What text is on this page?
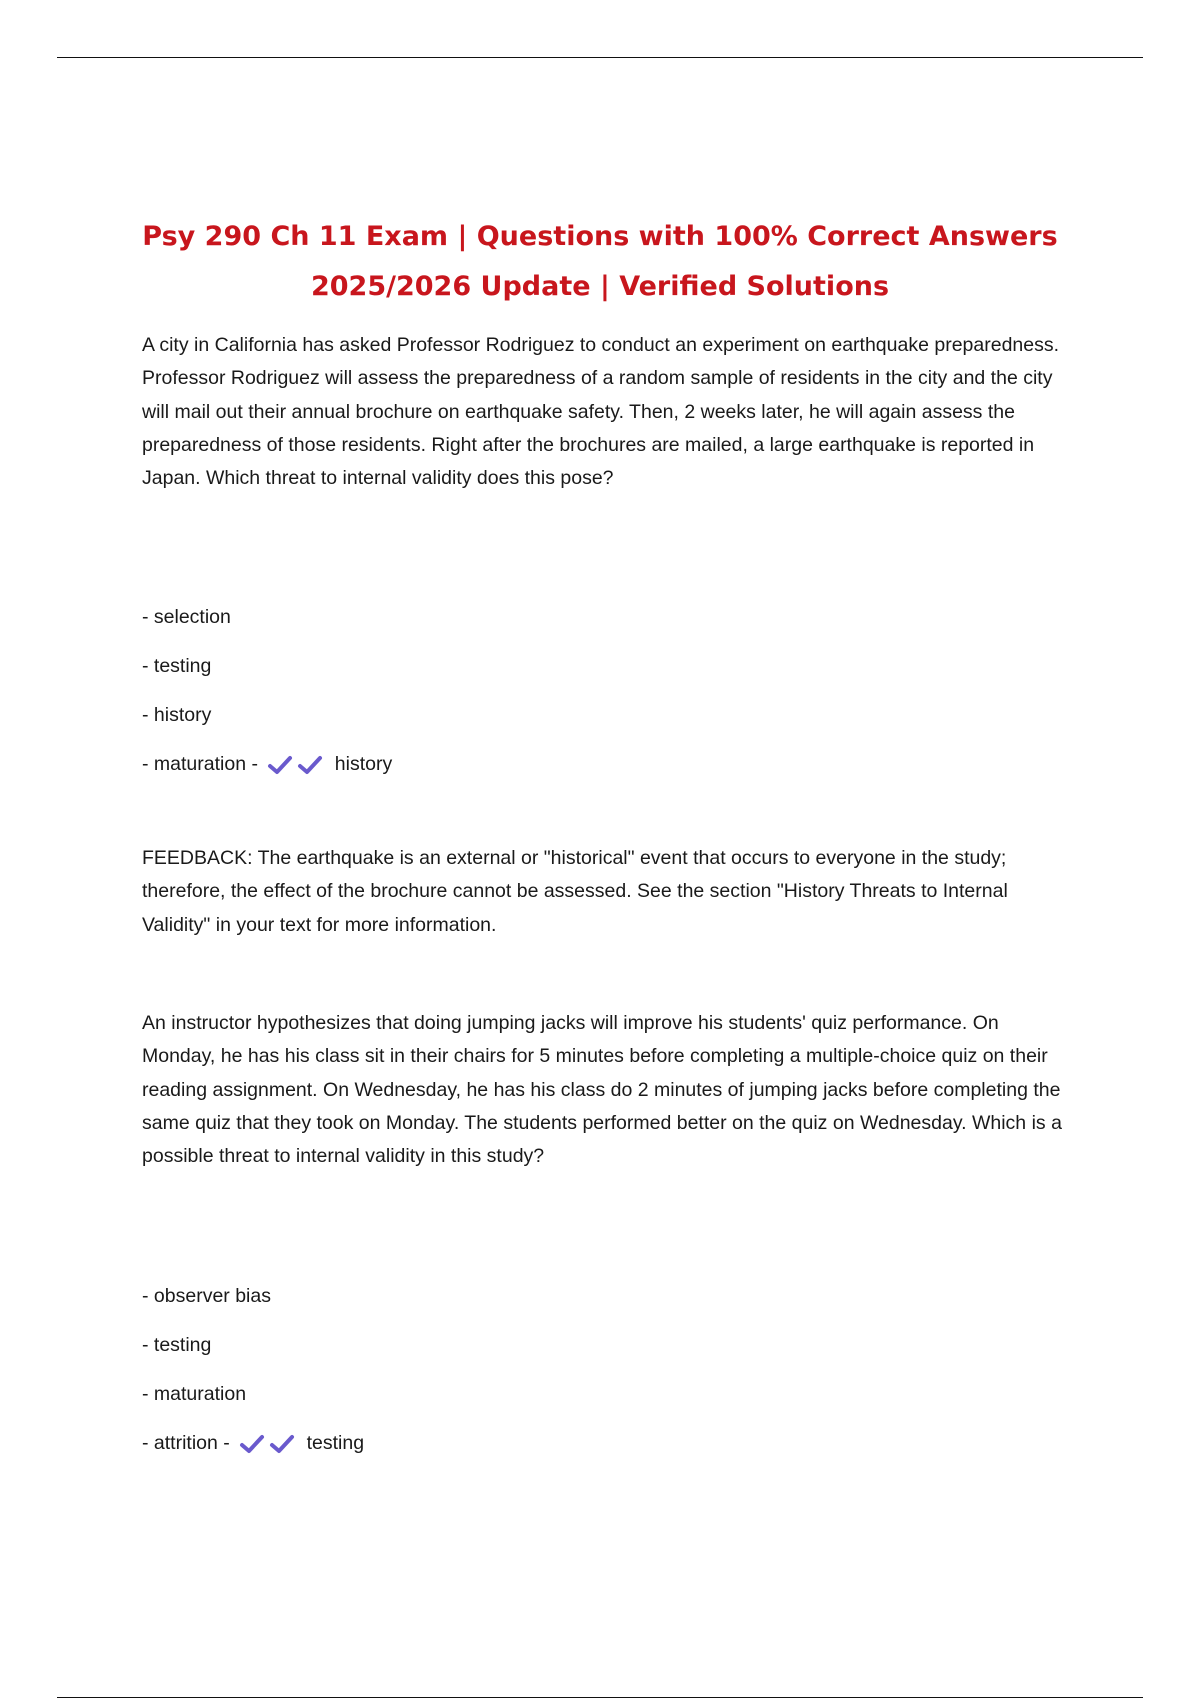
Psy 290 Ch 11 Exam | Questions with 100% Correct Answers
2025/2026 Update | Verified Solutions

A city in California has asked Professor Rodriguez to conduct an experiment on earthquake preparedness. Professor Rodriguez will assess the preparedness of a random sample of residents in the city and the city will mail out their annual brochure on earthquake safety. Then, 2 weeks later, he will again assess the preparedness of those residents. Right after the brochures are mailed, a large earthquake is reported in Japan. Which threat to internal validity does this pose?

- selection
- testing
- history
- maturation -	history

FEEDBACK: The earthquake is an external or "historical" event that occurs to everyone in the study; therefore, the effect of the brochure cannot be assessed. See the section "History Threats to Internal Validity" in your text for more information.

An instructor hypothesizes that doing jumping jacks will improve his students' quiz performance. On Monday, he has his class sit in their chairs for 5 minutes before completing a multiple-choice quiz on their reading assignment. On Wednesday, he has his class do 2 minutes of jumping jacks before completing the same quiz that they took on Monday. The students performed better on the quiz on Wednesday. Which is a possible threat to internal validity in this study?

- observer bias
- testing
- maturation
- attrition -	testing
